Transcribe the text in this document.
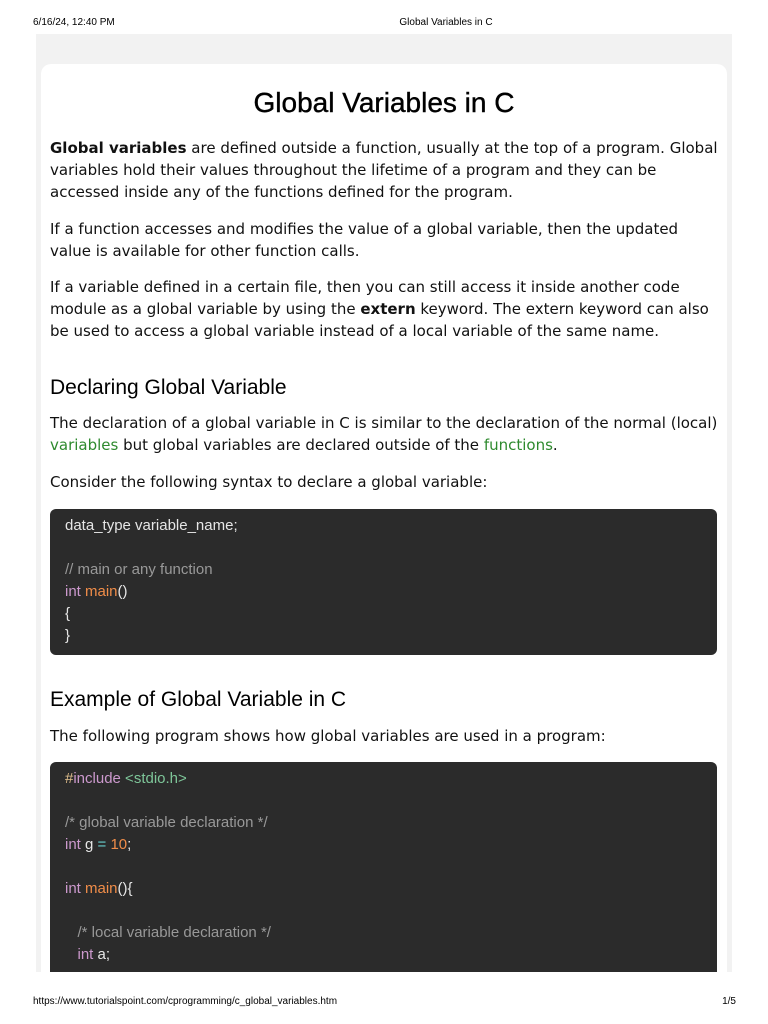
6/16/24, 12:40 PM	Global Variables in C
Global Variables in C

Global variables are defined outside a function, usually at the top of a program. Global variables hold their values throughout the lifetime of a program and they can be accessed inside any of the functions defined for the program.

If a function accesses and modifies the value of a global variable, then the updated value is available for other function calls.

If a variable defined in a certain file, then you can still access it inside another code module as a global variable by using the extern keyword. The extern keyword can also be used to access a global variable instead of a local variable of the same name.

Declaring Global Variable

The declaration of a global variable in C is similar to the declaration of the normal (local) variables but global variables are declared outside of the functions.

Consider the following syntax to declare a global variable:

data_type variable_name;
// main or any function
int main()
{
}
Example of Global Variable in C

The following program shows how global variables are used in a program:

#include <stdio.h>
/* global variable declaration */
int g = 10;
int main(){
/* local variable declaration */
int a;
https://www.tutorialspoint.com/cprogramming/c_global_variables.htm	1/5
